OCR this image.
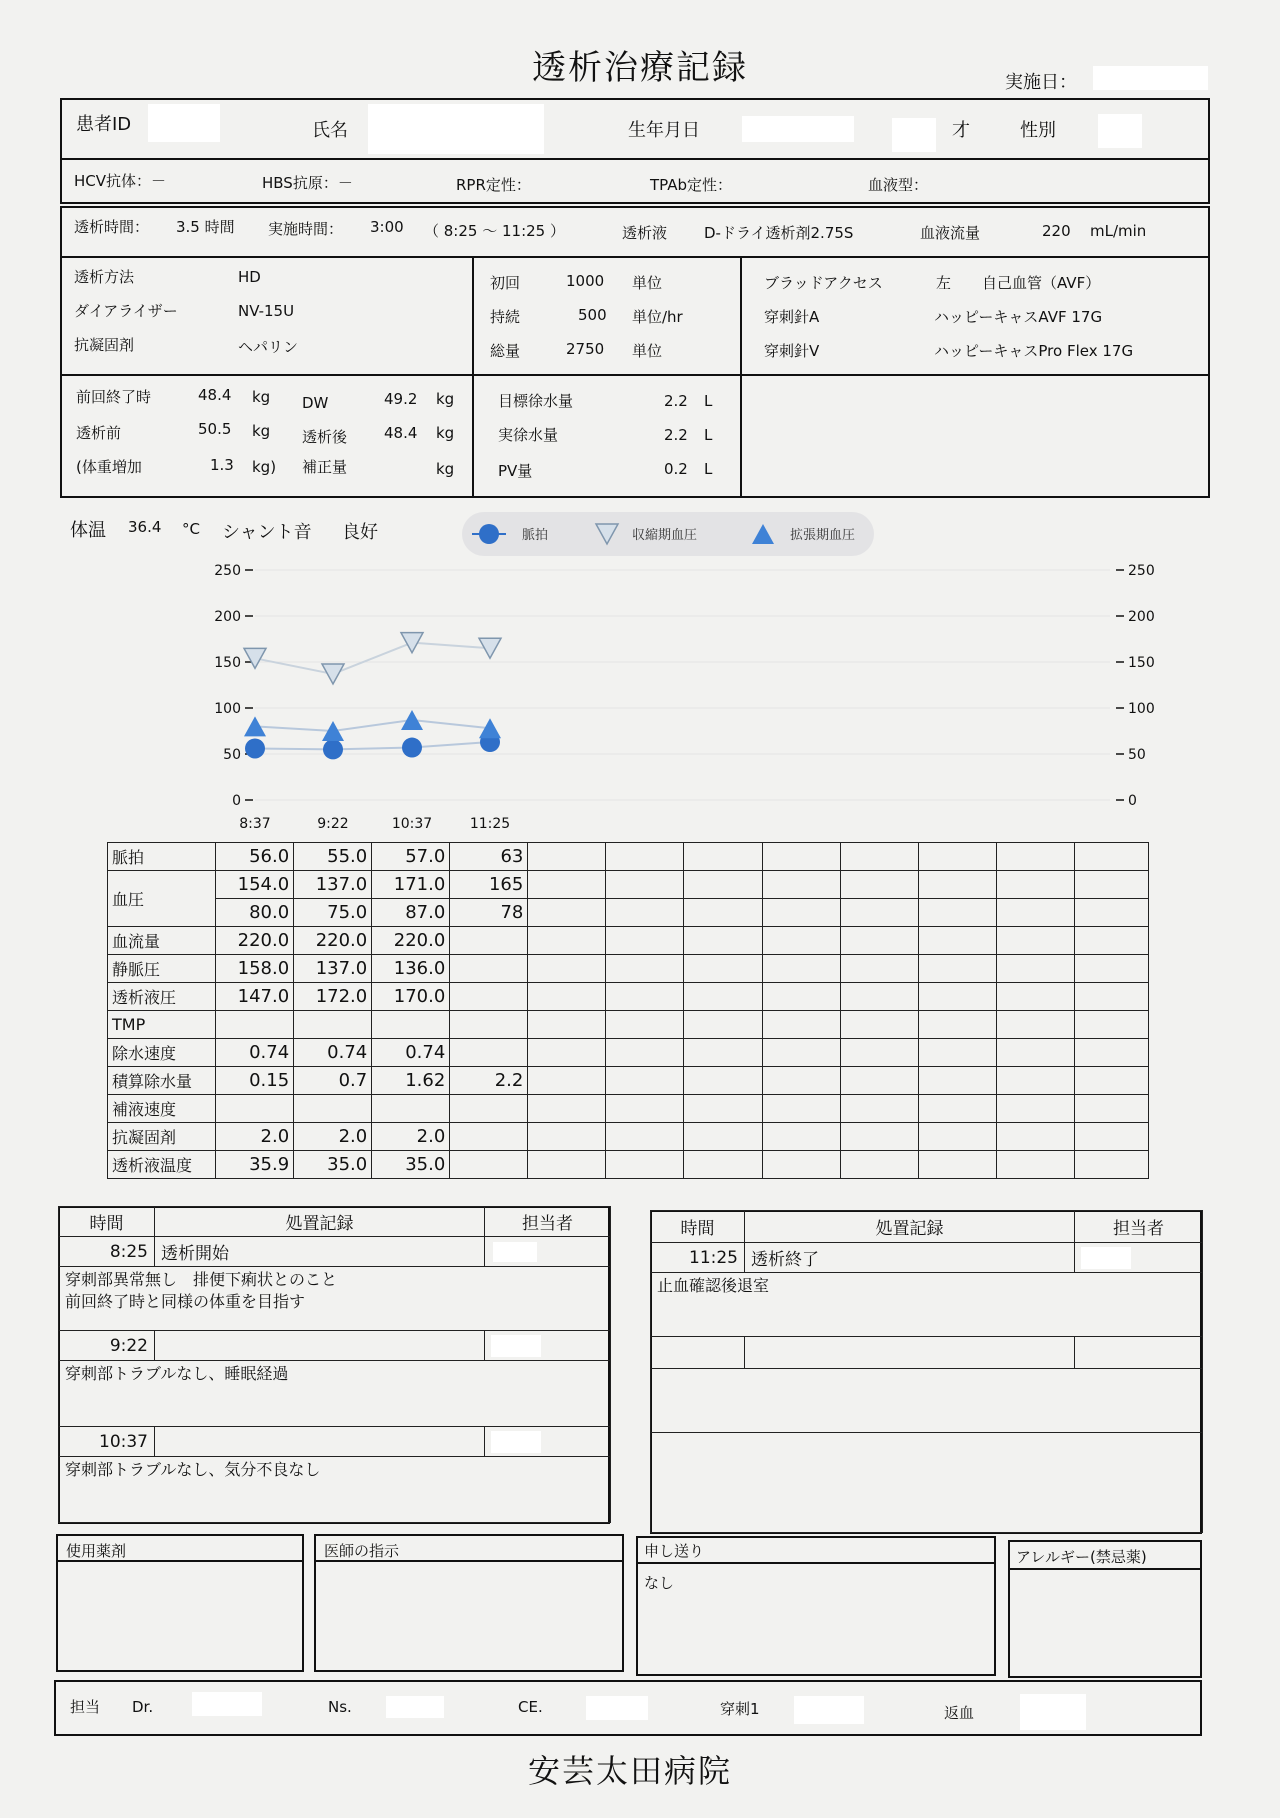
透析治療記録	実施日：
患者ID	氏名	生年月日	才	性別
HCV抗体：－	HBS抗原：－	RPR定性：	TPAb定性：	血液型：
透析時間： 3.5 時間 実施時間： 3:00 （ 8:25 〜 11:25 ）	透析液 D-ドライ透析剤2.75S	血液流量	220 mL/min
透析方法	HD
ダイアライザー	NV-15U
抗凝固剤	ヘパリン
初回	1000 単位
持続	500 単位/hr
総量	2750 単位
ブラッドアクセス	左 自己血管（AVF）
穿刺針A	ハッピーキャスAVF 17G
穿刺針V	ハッピーキャスPro Flex 17G
前回終了時	48.4 kg DW	49.2 kg
透析前	50.5 kg 透析後 48.4 kg
(体重増加	1.3 kg) 補正量	kg
目標徐水量	2.2 L
実徐水量	2.2 L
PV量	0.2 L
体温 36.4 °C シャント音 良好	脈拍	収縮期血圧	拡張期血圧
0	0
50	50
100	100
150	150
200	200
250	250
8:37	9:22	10:37	11:25
脈拍	56.0	55.0	57.0	63								
血圧	154.0	137.0	171.0	165								
	80.0	75.0	87.0	78								
血流量	220.0	220.0	220.0									
静脈圧	158.0	137.0	136.0									
透析液圧	147.0	172.0	170.0									
TMP												
除水速度	0.74	0.74	0.74									
積算除水量	0.15	0.7	1.62	2.2								
補液速度												
抗凝固剤	2.0	2.0	2.0									
透析液温度	35.9	35.0	35.0									
時間	処置記録	担当者
8:25	透析開始	

穿刺部異常無し　排便下痢状とのこと
前回終了時と同様の体重を目指す		

9:22		

穿刺部トラブルなし、睡眠経過		

10:37		

穿刺部トラブルなし、気分不良なし		
時間	処置記録	担当者
11:25	透析終了	

止血確認後退室		

使用薬剤	医師の指示	申し送り
なし
アレルギー(禁忌薬)
担当 Dr.	Ns.	CE.	穿刺1	返血
安芸太田病院
